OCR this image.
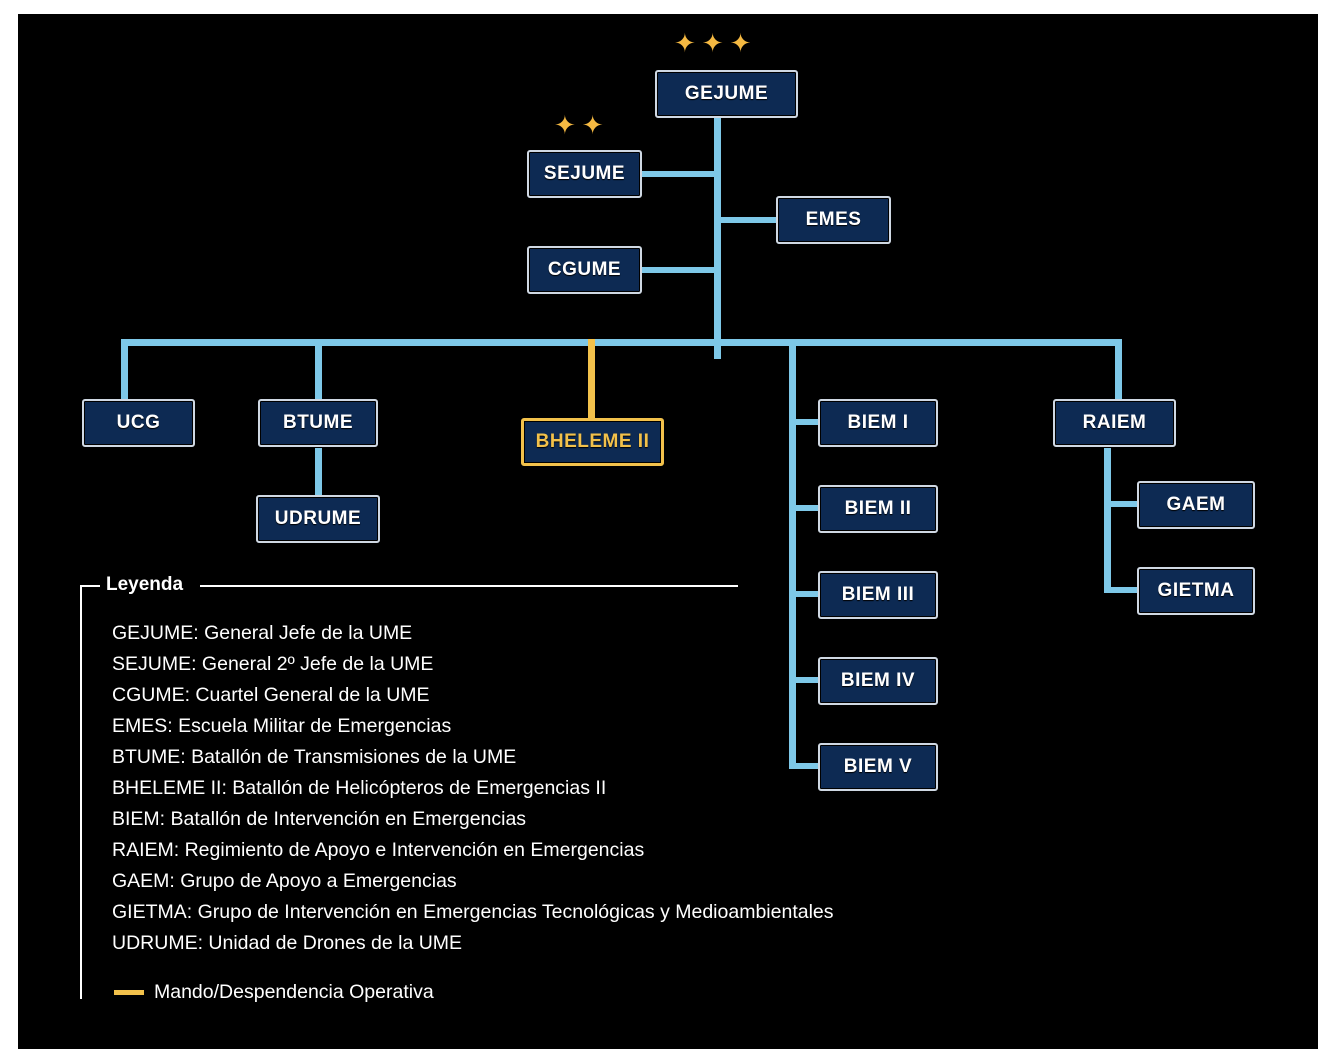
✦ ✦ ✦
✦ ✦
GEJUME
SEJUME
EMES
CGUME
UCG	BTUME
UDRUME
BHELEME II
BIEM I
BIEM II
BIEM III
BIEM IV
BIEM V
RAIEM
GAEM
GIETMA
Leyenda
GEJUME: General Jefe de la UME
SEJUME: General 2º Jefe de la UME
CGUME: Cuartel General de la UME
EMES: Escuela Militar de Emergencias
BTUME: Batallón de Transmisiones de la UME
BHELEME II: Batallón de Helicópteros de Emergencias II
BIEM: Batallón de Intervención en Emergencias
RAIEM: Regimiento de Apoyo e Intervención en Emergencias
GAEM: Grupo de Apoyo a Emergencias
GIETMA: Grupo de Intervención en Emergencias Tecnológicas y Medioambientales
UDRUME: Unidad de Drones de la UME
Mando/Despendencia Operativa
